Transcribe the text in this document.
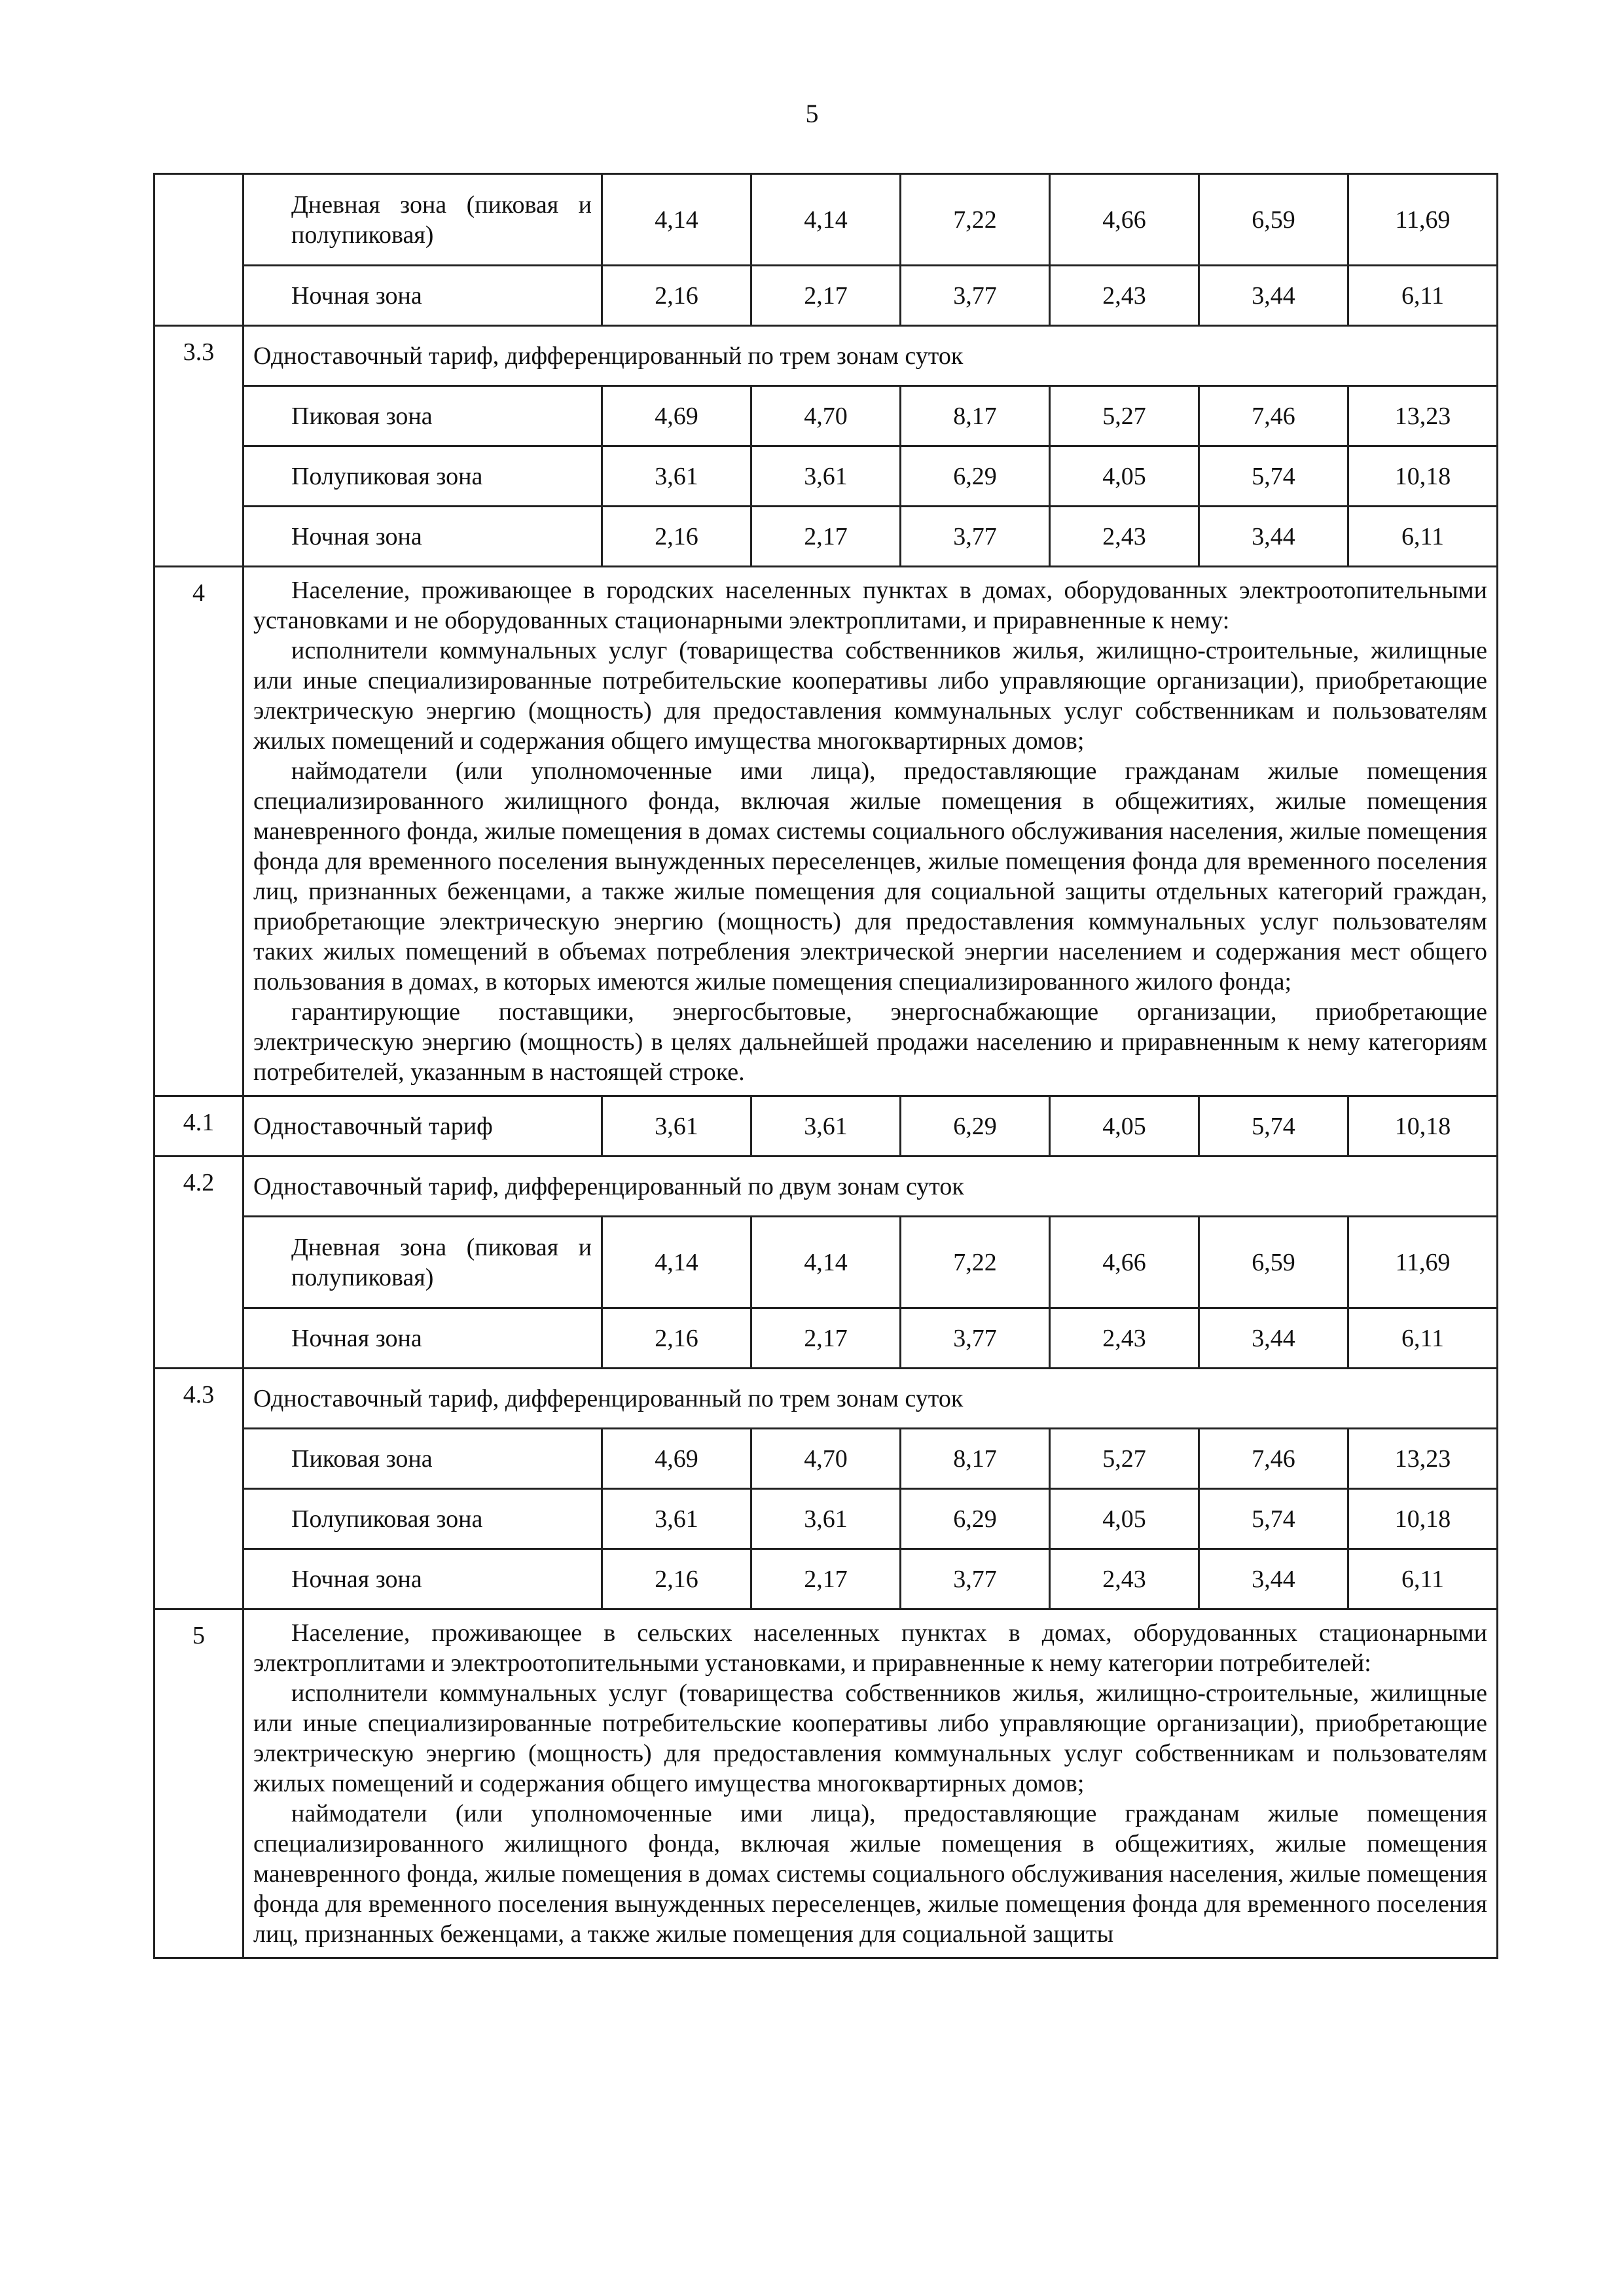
5
	Дневная зона (пиковая и полупиковая)	4,14	4,14	7,22	4,66	6,59	11,69
	Ночная зона	2,16	2,17	3,77	2,43	3,44	6,11
3.3	Одноставочный тариф, дифференцированный по трем зонам суток						
	Пиковая зона	4,69	4,70	8,17	5,27	7,46	13,23
	Полупиковая зона	3,61	3,61	6,29	4,05	5,74	10,18
	Ночная зона	2,16	2,17	3,77	2,43	3,44	6,11
4	Население, проживающее в городских населенных пунктах в домах, оборудованных электроотопительными установками и не оборудованных стационарными электроплитами, и приравненные к нему:

исполнители коммунальных услуг (товарищества собственников жилья, жилищно-строительные, жилищные или иные специализированные потребительские кооперативы либо управляющие организации), приобретающие электрическую энергию (мощность) для предоставления коммунальных услуг собственникам и пользователям жилых помещений и содержания общего имущества многоквартирных домов;

наймодатели (или уполномоченные ими лица), предоставляющие гражданам жилые помещения специализированного жилищного фонда, включая жилые помещения в общежитиях, жилые помещения маневренного фонда, жилые помещения в домах системы социального обслуживания населения, жилые помещения фонда для временного поселения вынужденных переселенцев, жилые помещения фонда для временного поселения лиц, признанных беженцами, а также жилые помещения для социальной защиты отдельных категорий граждан, приобретающие электрическую энергию (мощность) для предоставления коммунальных услуг пользователям таких жилых помещений в объемах потребления электрической энергии населением и содержания мест общего пользования в домах, в которых имеются жилые помещения специализированного жилого фонда;

гарантирующие поставщики, энергосбытовые, энергоснабжающие организации, приобретающие электрическую энергию (мощность) в целях дальнейшей продажи населению и приравненным к нему категориям потребителей, указанным в настоящей строке.						

4.1	Одноставочный тариф	3,61	3,61	6,29	4,05	5,74	10,18
4.2	Одноставочный тариф, дифференцированный по двум зонам суток						
	Дневная зона (пиковая и полупиковая)	4,14	4,14	7,22	4,66	6,59	11,69
	Ночная зона	2,16	2,17	3,77	2,43	3,44	6,11
4.3	Одноставочный тариф, дифференцированный по трем зонам суток						
	Пиковая зона	4,69	4,70	8,17	5,27	7,46	13,23
	Полупиковая зона	3,61	3,61	6,29	4,05	5,74	10,18
	Ночная зона	2,16	2,17	3,77	2,43	3,44	6,11
5	Население, проживающее в сельских населенных пунктах в домах, оборудованных стационарными электроплитами и электроотопительными установками, и приравненные к нему категории потребителей:

исполнители коммунальных услуг (товарищества собственников жилья, жилищно-строительные, жилищные или иные специализированные потребительские кооперативы либо управляющие организации), приобретающие электрическую энергию (мощность) для предоставления коммунальных услуг собственникам и пользователям жилых помещений и содержания общего имущества многоквартирных домов;

наймодатели (или уполномоченные ими лица), предоставляющие гражданам жилые помещения специализированного жилищного фонда, включая жилые помещения в общежитиях, жилые помещения маневренного фонда, жилые помещения в домах системы социального обслуживания населения, жилые помещения фонда для временного поселения вынужденных переселенцев, жилые помещения фонда для временного поселения лиц, признанных беженцами, а также жилые помещения для социальной защиты						
